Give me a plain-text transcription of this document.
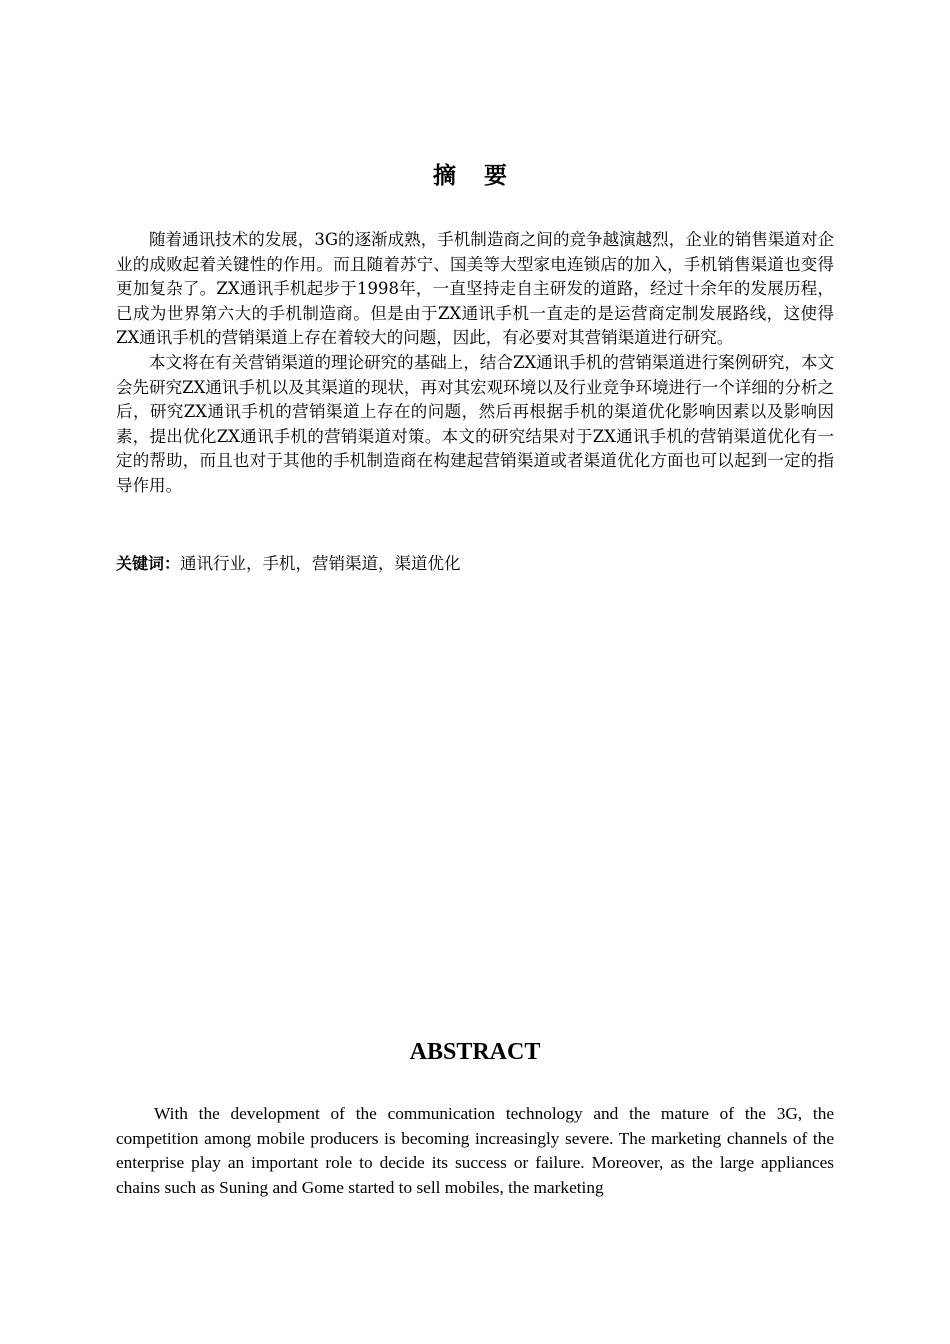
摘 要

随着通讯技术的发展，3G的逐渐成熟，手机制造商之间的竞争越演越烈，企业的销售渠道对企业的成败起着关键性的作用。而且随着苏宁、国美等大型家电连锁店的加入，手机销售渠道也变得更加复杂了。ZX通讯手机起步于1998年，一直坚持走自主研发的道路，经过十余年的发展历程，已成为世界第六大的手机制造商。但是由于ZX通讯手机一直走的是运营商定制发展路线，这使得ZX通讯手机的营销渠道上存在着较大的问题，因此，有必要对其营销渠道进行研究。

本文将在有关营销渠道的理论研究的基础上，结合ZX通讯手机的营销渠道进行案例研究，本文会先研究ZX通讯手机以及其渠道的现状，再对其宏观环境以及行业竞争环境进行一个详细的分析之后，研究ZX通讯手机的营销渠道上存在的问题，然后再根据手机的渠道优化影响因素以及影响因素，提出优化ZX通讯手机的营销渠道对策。本文的研究结果对于ZX通讯手机的营销渠道优化有一定的帮助，而且也对于其他的手机制造商在构建起营销渠道或者渠道优化方面也可以起到一定的指导作用。

关键词：通讯行业，手机，营销渠道，渠道优化
ABSTRACT

With the development of the communication technology and the mature of the 3G, the competition among mobile producers is becoming increasingly severe. The marketing channels of the enterprise play an important role to decide its success or failure. Moreover, as the large appliances chains such as Suning and Gome started to sell mobiles, the marketing
